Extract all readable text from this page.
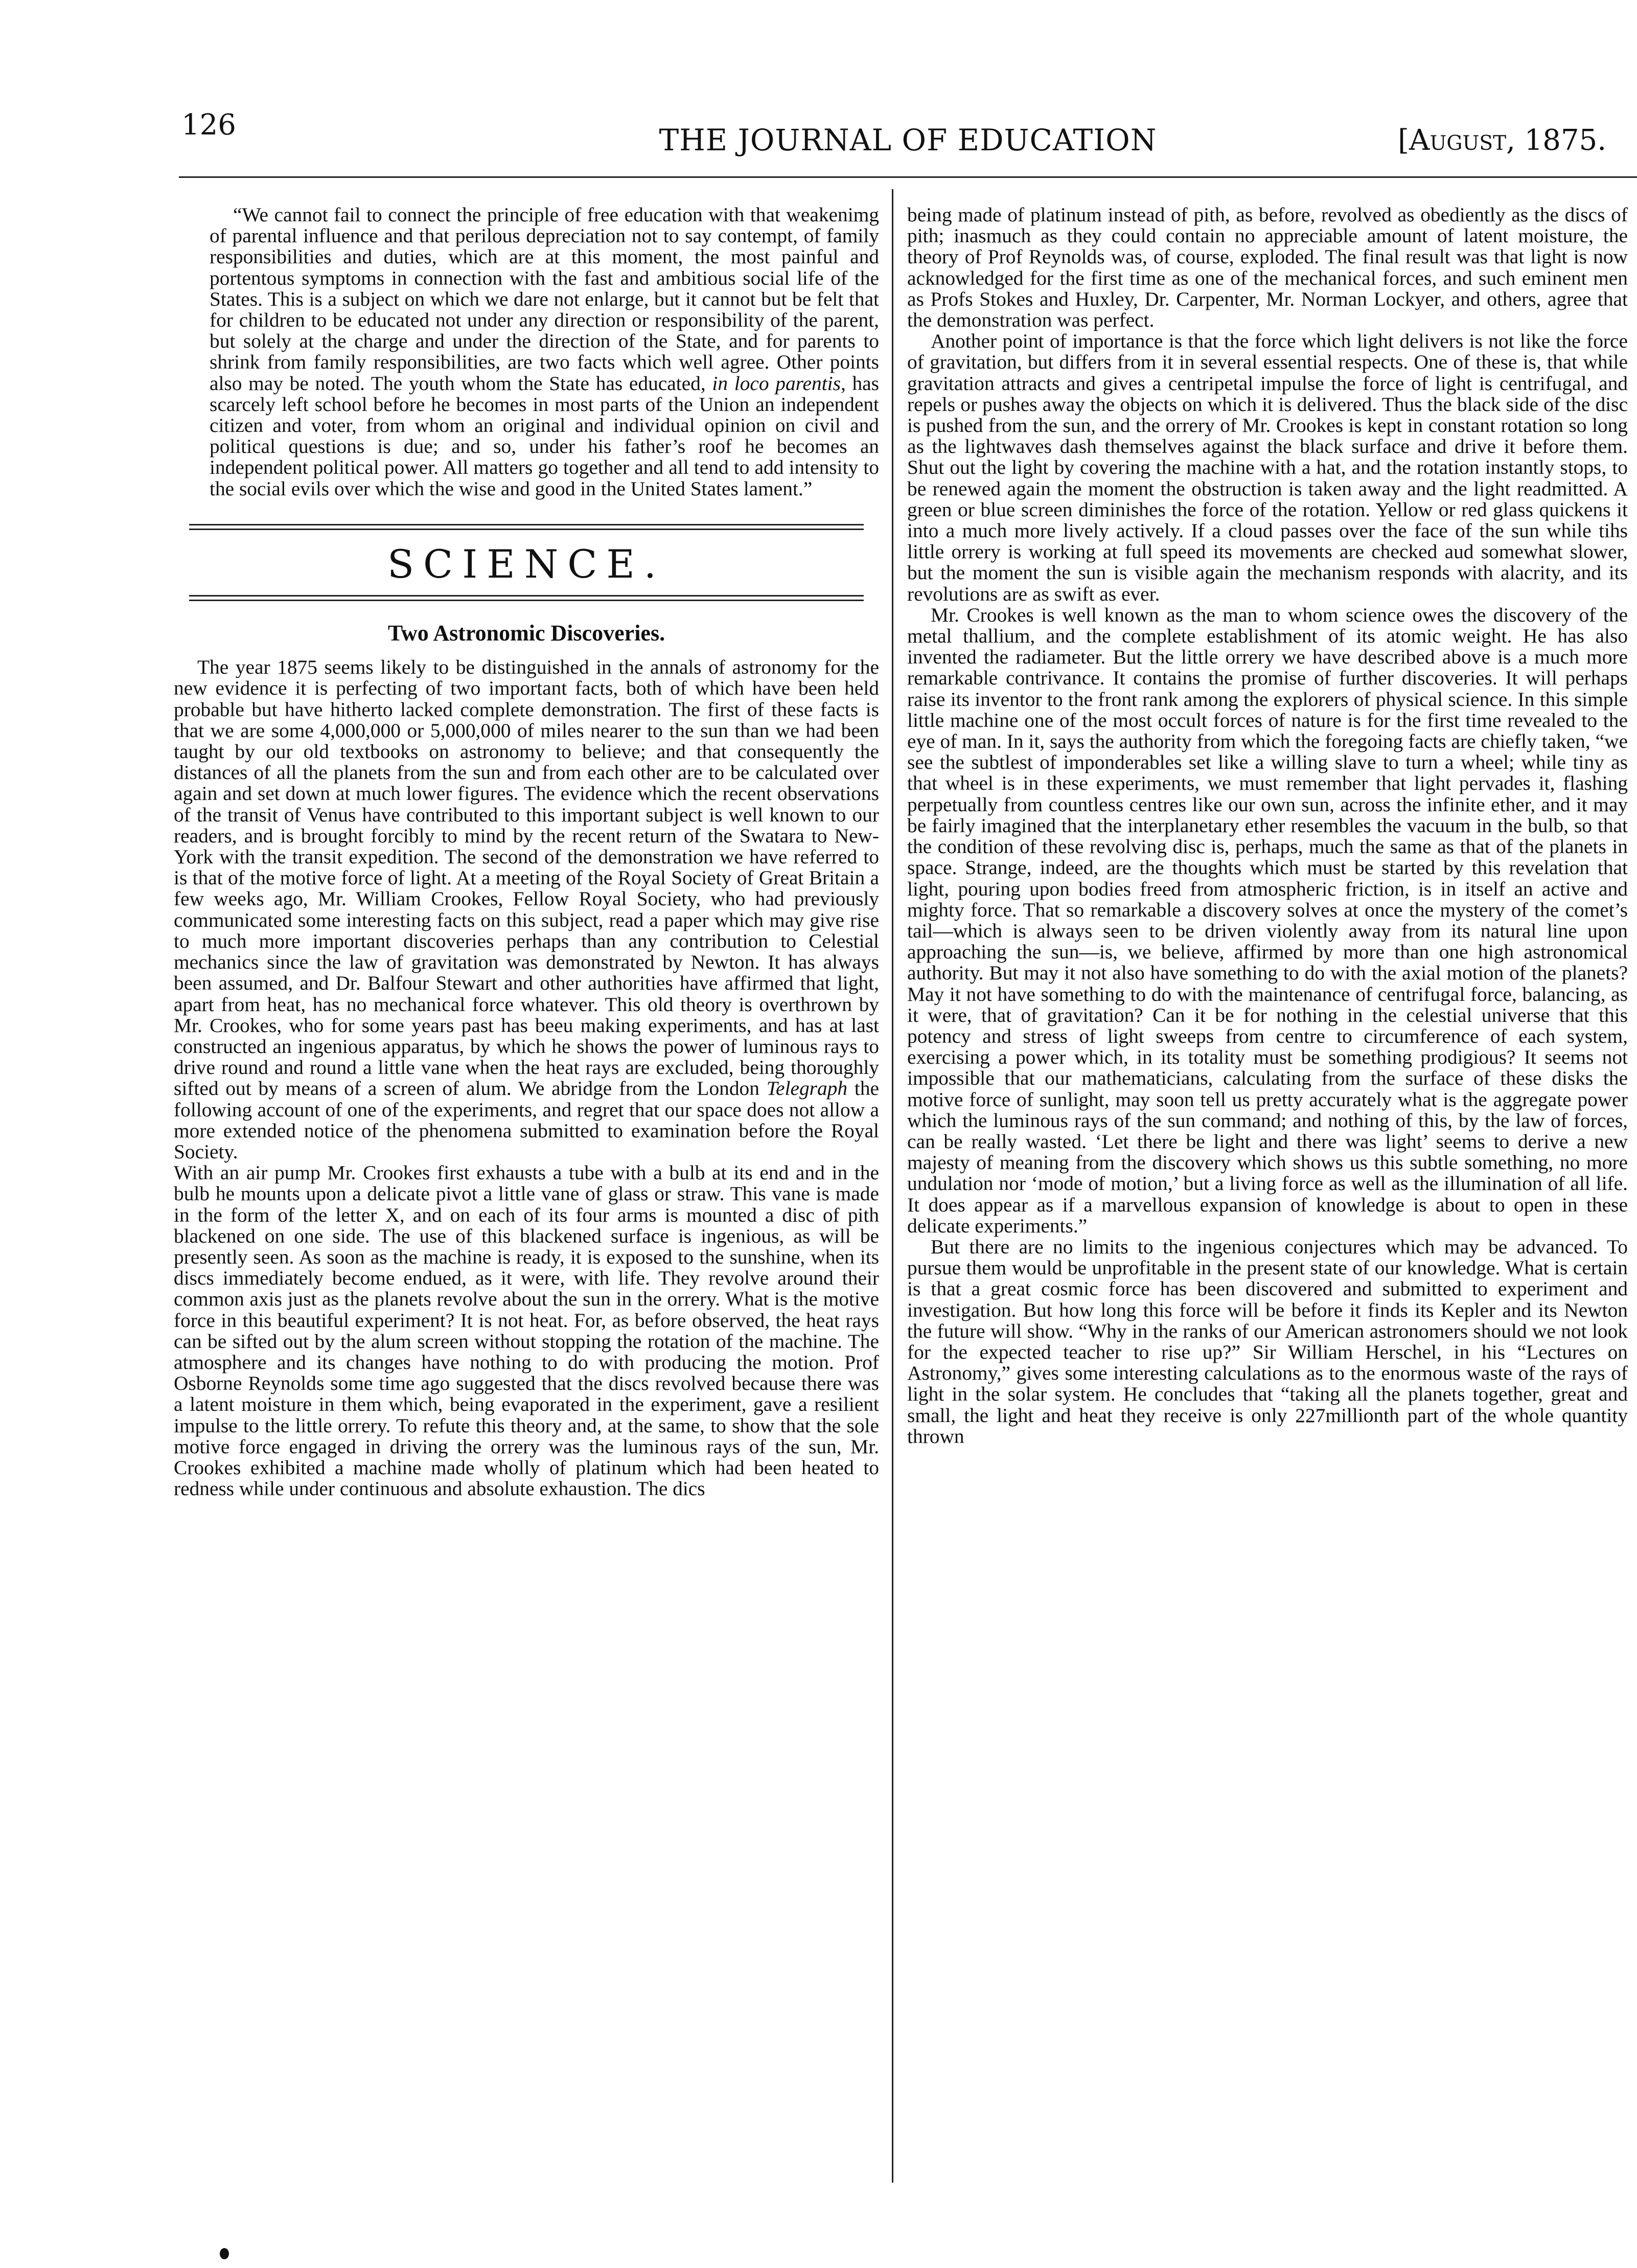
126	THE JOURNAL OF EDUCATION	[August, 1875.

“We cannot fail to connect the principle of free education with that weakenimg of parental influence and that perilous depreciation not to say contempt, of family responsibilities and duties, which are at this moment, the most painful and portentous symptoms in connection with the fast and ambitious social life of the States. This is a subject on which we dare not enlarge, but it cannot but be felt that for children to be educated not under any direction or responsibility of the parent, but solely at the charge and under the direction of the State, and for parents to shrink from family responsibilities, are two facts which well agree. Other points also may be noted. The youth whom the State has educated, in loco parentis, has scarcely left school before he becomes in most parts of the Union an independent citizen and voter, from whom an original and individual opinion on civil and political questions is due; and so, under his father’s roof he becomes an independent political power. All matters go together and all tend to add intensity to the social evils over which the wise and good in the United States lament.”

SCIENCE.
Two Astronomic Discoveries.

The year 1875 seems likely to be distinguished in the annals of astronomy for the new evidence it is perfecting of two important facts, both of which have been held probable but have hitherto lacked complete demonstration. The first of these facts is that we are some 4,000,000 or 5,000,000 of miles nearer to the sun than we had been taught by our old textbooks on astronomy to believe; and that consequently the distances of all the planets from the sun and from each other are to be calculated over again and set down at much lower figures. The evidence which the recent observations of the transit of Venus have contributed to this important subject is well known to our readers, and is brought forcibly to mind by the recent return of the Swatara to New-York with the transit expedition. The second of the demonstration we have referred to is that of the motive force of light. At a meeting of the Royal Society of Great Britain a few weeks ago, Mr. William Crookes, Fellow Royal Society, who had previously communicated some interesting facts on this subject, read a paper which may give rise to much more important discoveries perhaps than any contribution to Celestial mechanics since the law of gravitation was demonstrated by Newton. It has always been assumed, and Dr. Balfour Stewart and other authorities have affirmed that light, apart from heat, has no mechanical force whatever. This old theory is overthrown by Mr. Crookes, who for some years past has beeu making experiments, and has at last constructed an ingenious apparatus, by which he shows the power of luminous rays to drive round and round a little vane when the heat rays are excluded, being thoroughly sifted out by means of a screen of alum. We abridge from the London Telegraph the following account of one of the experiments, and regret that our space does not allow a more extended notice of the phenomena submitted to examination before the Royal Society.

With an air pump Mr. Crookes first exhausts a tube with a bulb at its end and in the bulb he mounts upon a delicate pivot a little vane of glass or straw. This vane is made in the form of the letter X, and on each of its four arms is mounted a disc of pith blackened on one side. The use of this blackened surface is ingenious, as will be presently seen. As soon as the machine is ready, it is exposed to the sunshine, when its discs immediately become endued, as it were, with life. They revolve around their common axis just as the planets revolve about the sun in the orrery. What is the motive force in this beautiful experiment? It is not heat. For, as before observed, the heat rays can be sifted out by the alum screen without stopping the rotation of the machine. The atmosphere and its changes have nothing to do with producing the motion. Prof Osborne Reynolds some time ago suggested that the discs revolved because there was a latent moisture in them which, being evaporated in the experiment, gave a resilient impulse to the little orrery. To refute this theory and, at the same, to show that the sole motive force engaged in driving the orrery was the luminous rays of the sun, Mr. Crookes exhibited a machine made wholly of platinum which had been heated to redness while under continuous and absolute exhaustion. The dics

being made of platinum instead of pith, as before, revolved as obediently as the discs of pith; inasmuch as they could contain no appreciable amount of latent moisture, the theory of Prof Reynolds was, of course, exploded. The final result was that light is now acknowledged for the first time as one of the mechanical forces, and such eminent men as Profs Stokes and Huxley, Dr. Carpenter, Mr. Norman Lockyer, and others, agree that the demonstration was perfect.

Another point of importance is that the force which light delivers is not like the force of gravitation, but differs from it in several essential respects. One of these is, that while gravitation attracts and gives a centripetal impulse the force of light is centrifugal, and repels or pushes away the objects on which it is delivered. Thus the black side of the disc is pushed from the sun, and the orrery of Mr. Crookes is kept in constant rotation so long as the lightwaves dash themselves against the black surface and drive it before them. Shut out the light by covering the machine with a hat, and the rotation instantly stops, to be renewed again the moment the obstruction is taken away and the light readmitted. A green or blue screen diminishes the force of the rotation. Yellow or red glass quickens it into a much more lively actively. If a cloud passes over the face of the sun while tihs little orrery is working at full speed its movements are checked aud somewhat slower, but the moment the sun is visible again the mechanism responds with alacrity, and its revolutions are as swift as ever.

Mr. Crookes is well known as the man to whom science owes the discovery of the metal thallium, and the complete establishment of its atomic weight. He has also invented the radiameter. But the little orrery we have described above is a much more remarkable contrivance. It contains the promise of further discoveries. It will perhaps raise its inventor to the front rank among the explorers of physical science. In this simple little machine one of the most occult forces of nature is for the first time revealed to the eye of man. In it, says the authority from which the foregoing facts are chiefly taken, “we see the subtlest of imponderables set like a willing slave to turn a wheel; while tiny as that wheel is in these experiments, we must remember that light pervades it, flashing perpetually from countless centres like our own sun, across the infinite ether, and it may be fairly imagined that the interplanetary ether resembles the vacuum in the bulb, so that the condition of these revolving disc is, perhaps, much the same as that of the planets in space. Strange, indeed, are the thoughts which must be started by this revelation that light, pouring upon bodies freed from atmospheric friction, is in itself an active and mighty force. That so remarkable a discovery solves at once the mystery of the comet’s tail—which is always seen to be driven violently away from its natural line upon approaching the sun—is, we believe, affirmed by more than one high astronomical authority. But may it not also have something to do with the axial motion of the planets? May it not have something to do with the maintenance of centrifugal force, balancing, as it were, that of gravitation? Can it be for nothing in the celestial universe that this potency and stress of light sweeps from centre to circumference of each system, exercising a power which, in its totality must be something prodigious? It seems not impossible that our mathematicians, calculating from the surface of these disks the motive force of sunlight, may soon tell us pretty accurately what is the aggregate power which the luminous rays of the sun command; and nothing of this, by the law of forces, can be really wasted. ‘Let there be light and there was light’ seems to derive a new majesty of meaning from the discovery which shows us this subtle something, no more undulation nor ‘mode of motion,’ but a living force as well as the illumination of all life. It does appear as if a marvellous expansion of knowledge is about to open in these delicate experiments.”

But there are no limits to the ingenious conjectures which may be advanced. To pursue them would be unprofitable in the present state of our knowledge. What is certain is that a great cosmic force has been discovered and submitted to experiment and investigation. But how long this force will be before it finds its Kepler and its Newton the future will show. “Why in the ranks of our American astronomers should we not look for the expected teacher to rise up?” Sir William Herschel, in his “Lectures on Astronomy,” gives some interesting calculations as to the enormous waste of the rays of light in the solar system. He concludes that “taking all the planets together, great and small, the light and heat they receive is only 227millionth part of the whole quantity thrown
